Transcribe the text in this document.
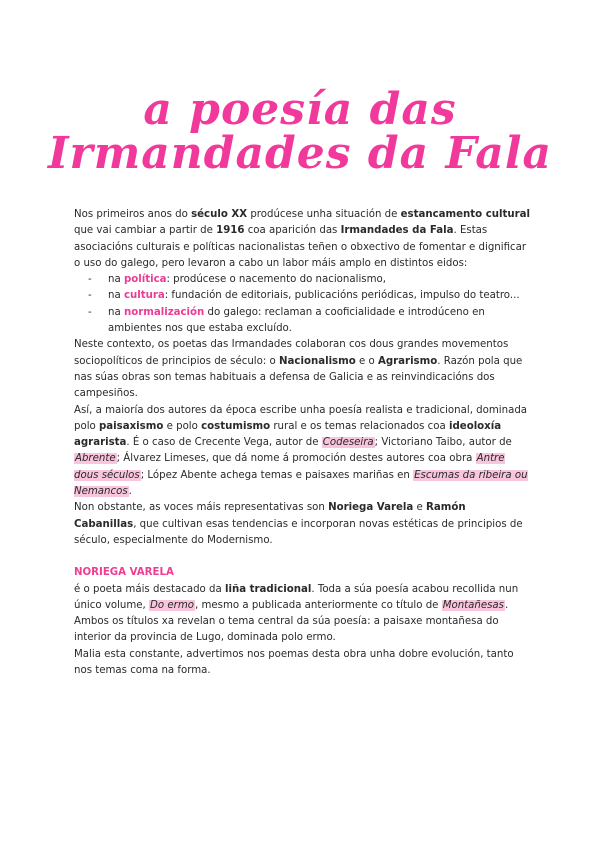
a poesía das
Irmandades da Fala

Nos primeiros anos do século XX prodúcese unha situación de estancamento cultural que vai cambiar a partir de 1916 coa aparición das Irmandades da Fala. Estas asociacións culturais e políticas nacionalistas teñen o obxectivo de fomentar e dignificar o uso do galego, pero levaron a cabo un labor máis amplo en distintos eidos:

- na política: prodúcese o nacemento do nacionalismo,
- na cultura: fundación de editoriais, publicacións periódicas, impulso do teatro...
- na normalización do galego: reclaman a cooficialidade e introdúceno en ambientes nos que estaba excluído.

Neste contexto, os poetas das Irmandades colaboran cos dous grandes movementos sociopolíticos de principios de século: o Nacionalismo e o Agrarismo. Razón pola que nas súas obras son temas habituais a defensa de Galicia e as reinvindicacións dos campesiños.

Así, a maioría dos autores da época escribe unha poesía realista e tradicional, dominada polo paisaxismo e polo costumismo rural e os temas relacionados coa ideoloxía agrarista. É o caso de Crecente Vega, autor de Codeseira; Victoriano Taibo, autor de Abrente; Álvarez Limeses, que dá nome á promoción destes autores coa obra Antre dous séculos; López Abente achega temas e paisaxes mariñas en Escumas da ribeira ou Nemancos.

Non obstante, as voces máis representativas son Noriega Varela e Ramón Cabanillas, que cultivan esas tendencias e incorporan novas estéticas de principios de século, especialmente do Modernismo.

NORIEGA VARELA

é o poeta máis destacado da liña tradicional. Toda a súa poesía acabou recollida nun único volume, Do ermo, mesmo a publicada anteriormente co título de Montañesas.

Ambos os títulos xa revelan o tema central da súa poesía: a paisaxe montañesa do interior da provincia de Lugo, dominada polo ermo.

Malia esta constante, advertimos nos poemas desta obra unha dobre evolución, tanto nos temas coma na forma.
